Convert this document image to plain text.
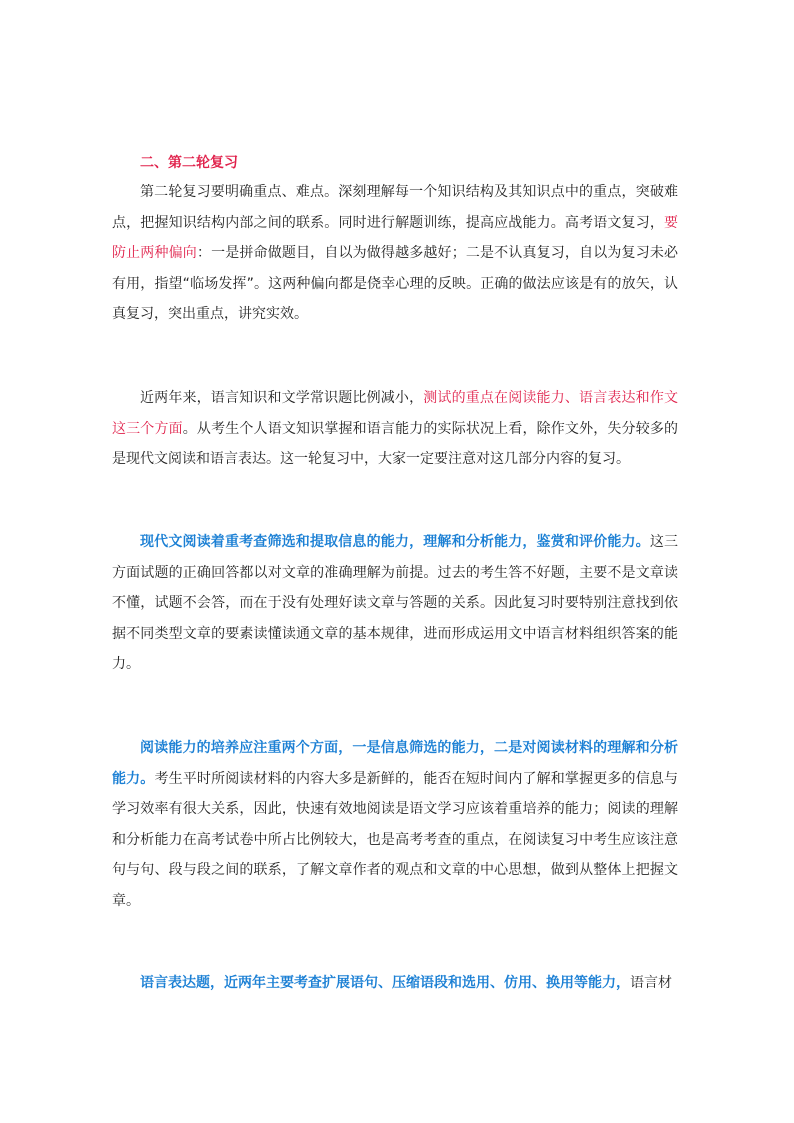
二、第二轮复习

第二轮复习要明确重点、难点。深刻理解每一个知识结构及其知识点中的重点，突破难点，把握知识结构内部之间的联系。同时进行解题训练，提高应战能力。高考语文复习，要防止两种偏向：一是拼命做题目，自以为做得越多越好；二是不认真复习，自以为复习未必有用，指望“临场发挥”。这两种偏向都是侥幸心理的反映。正确的做法应该是有的放矢，认真复习，突出重点，讲究实效。

近两年来，语言知识和文学常识题比例减小，测试的重点在阅读能力、语言表达和作文这三个方面。从考生个人语文知识掌握和语言能力的实际状况上看，除作文外，失分较多的是现代文阅读和语言表达。这一轮复习中，大家一定要注意对这几部分内容的复习。

现代文阅读着重考查筛选和提取信息的能力，理解和分析能力，鉴赏和评价能力。这三方面试题的正确回答都以对文章的准确理解为前提。过去的考生答不好题，主要不是文章读不懂，试题不会答，而在于没有处理好读文章与答题的关系。因此复习时要特别注意找到依据不同类型文章的要素读懂读通文章的基本规律，进而形成运用文中语言材料组织答案的能力。

阅读能力的培养应注重两个方面，一是信息筛选的能力，二是对阅读材料的理解和分析能力。考生平时所阅读材料的内容大多是新鲜的，能否在短时间内了解和掌握更多的信息与学习效率有很大关系，因此，快速有效地阅读是语文学习应该着重培养的能力；阅读的理解和分析能力在高考试卷中所占比例较大，也是高考考查的重点，在阅读复习中考生应该注意句与句、段与段之间的联系，了解文章作者的观点和文章的中心思想，做到从整体上把握文章。

语言表达题，近两年主要考查扩展语句、压缩语段和选用、仿用、换用等能力，语言材
